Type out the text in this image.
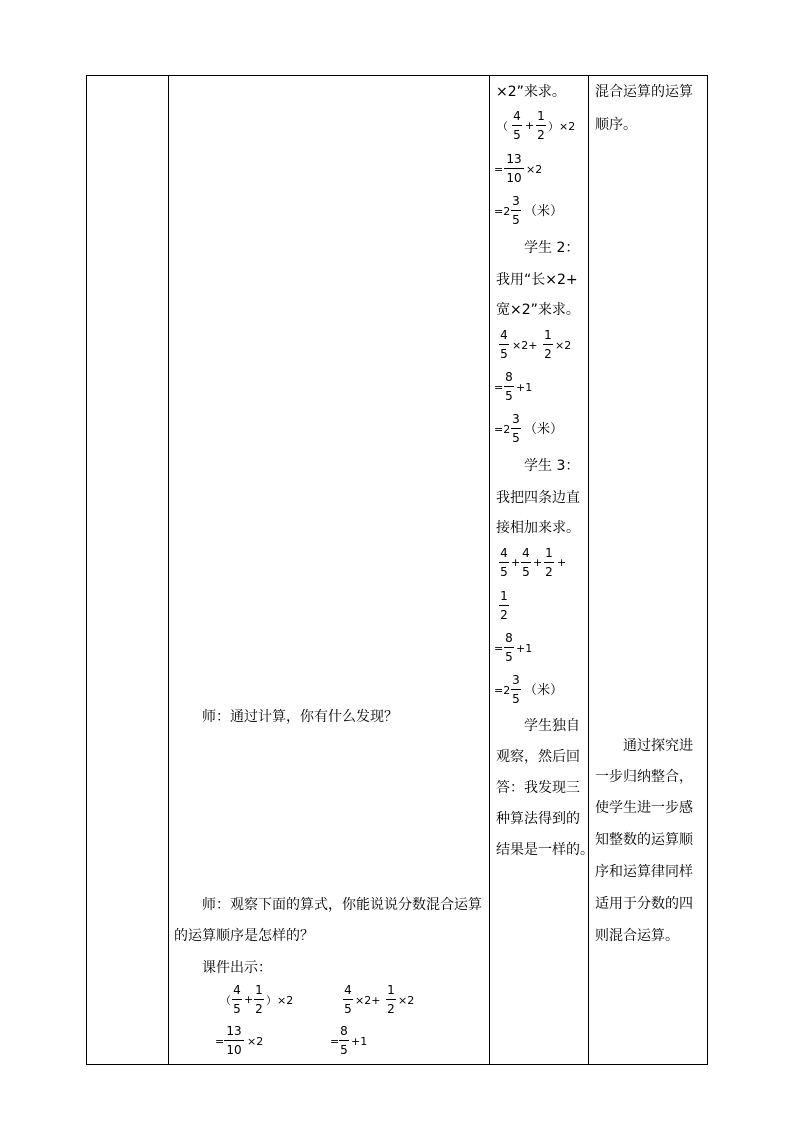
师：通过计算，你有什么发现？
师：观察下面的算式，你能说说分数混合运算
的运算顺序是怎样的？
课件出示：
（
4
5
+
1
2
）×2
4
5
×2+
1
2
×2
=
13
10
×2	=
8
5
+1
×2”来求。
（
4
5
+
1
2
）×2
=
13
10
×2
=2
3
5
（米）
学生 2：
我用“长×2+
宽×2”来求。
4
5
×2+
1
2
×2
=
8
5
+1
=2
3
5
（米）
学生 3：
我把四条边直
接相加来求。
4
5
+
4
5
+
1
2
+
1
2
=
8
5
+1
=2
3
5
（米）
学生独自
观察，然后回
答：我发现三
种算法得到的
结果是一样的。
混合运算的运算
顺序。
通过探究进
一步归纳整合，
使学生进一步感
知整数的运算顺
序和运算律同样
适用于分数的四
则混合运算。
